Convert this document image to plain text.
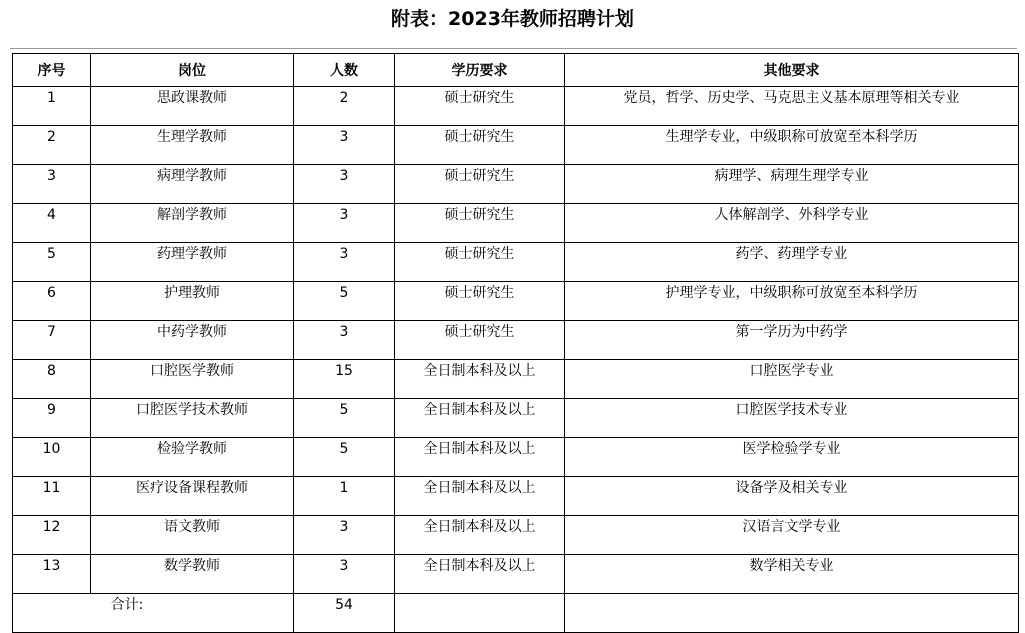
附表：2023年教师招聘计划
序号	岗位	人数	学历要求	其他要求
1	思政课教师	2	硕士研究生	党员，哲学、历史学、马克思主义基本原理等相关专业
2	生理学教师	3	硕士研究生	生理学专业，中级职称可放宽至本科学历
3	病理学教师	3	硕士研究生	病理学、病理生理学专业
4	解剖学教师	3	硕士研究生	人体解剖学、外科学专业
5	药理学教师	3	硕士研究生	药学、药理学专业
6	护理教师	5	硕士研究生	护理学专业，中级职称可放宽至本科学历
7	中药学教师	3	硕士研究生	第一学历为中药学
8	口腔医学教师	15	全日制本科及以上	口腔医学专业
9	口腔医学技术教师	5	全日制本科及以上	口腔医学技术专业
10	检验学教师	5	全日制本科及以上	医学检验学专业
11	医疗设备课程教师	1	全日制本科及以上	设备学及相关专业
12	语文教师	3	全日制本科及以上	汉语言文学专业
13	数学教师	3	全日制本科及以上	数学相关专业
合计:		54		
